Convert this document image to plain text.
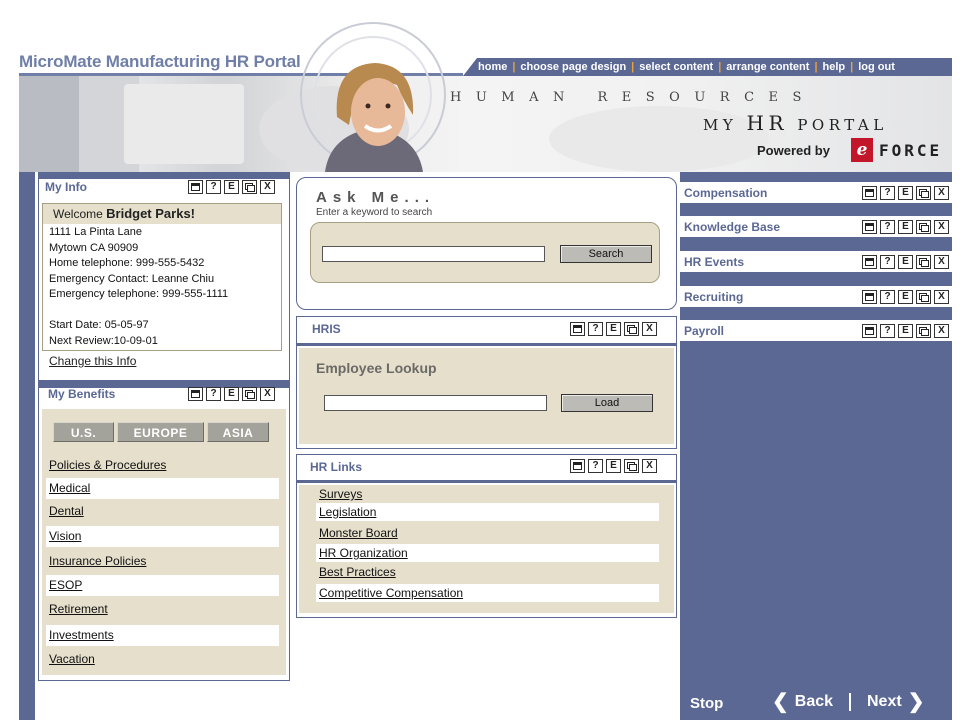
MicroMate Manufacturing HR Portal	home | choose page design | select content | arrange content | help | log out
HUMAN RESOURCES
MY HR PORTAL
Powered by	e FORCE
My Info	?	E	X
Welcome Bridget Parks!
1111 La Pinta Lane
Mytown CA 90909
Home telephone: 999-555-5432
Emergency Contact: Leanne Chiu
Emergency telephone: 999-555-1111
Start Date: 05-05-97
Next Review:10-09-01
Change this Info
My Benefits	?	E	X
U.S.	EUROPE	ASIA
Policies & Procedures
Medical
Dental
Vision
Insurance Policies
ESOP
Retirement
Investments
Vacation
Ask Me...
Enter a keyword to search
Search
HRIS	?	E	X
Employee Lookup
Load
HR Links	?	E	X
Surveys
Legislation
Monster Board
HR Organization
Best Practices
Competitive Compensation
Compensation	?	E	X
Knowledge Base	?	E	X
HR Events	?	E	X
Recruiting	?	E	X
Payroll	?	E	X
Stop ❮ Back Next ❯
